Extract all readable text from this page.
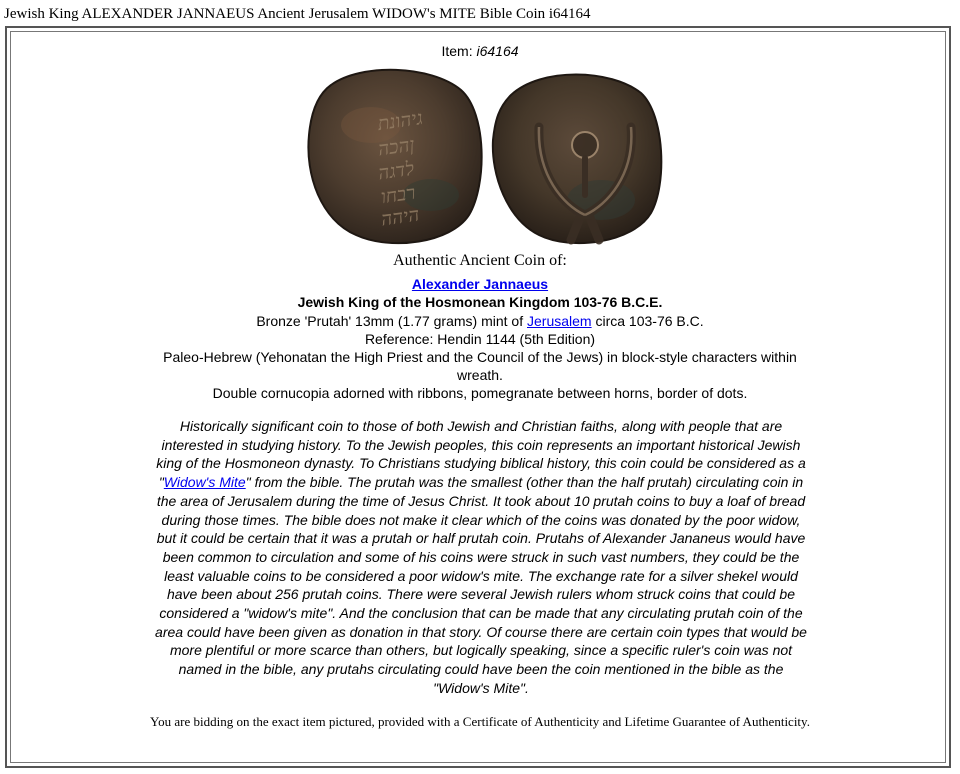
Jewish King ALEXANDER JANNAEUS Ancient Jerusalem WIDOW's MITE Bible Coin i64164
Item: i64164
גיהונת
ןהכה
לדגה
רבחו
היהה
Authentic Ancient Coin of:
Alexander Jannaeus
Jewish King of the Hosmonean Kingdom 103-76 B.C.E.
Bronze 'Prutah' 13mm (1.77 grams) mint of Jerusalem circa 103-76 B.C.
Reference: Hendin 1144 (5th Edition)
Paleo-Hebrew (Yehonatan the High Priest and the Council of the Jews) in block-style characters within wreath.
Double cornucopia adorned with ribbons, pomegranate between horns, border of dots.
Historically significant coin to those of both Jewish and Christian faiths, along with people that are interested in studying history. To the Jewish peoples, this coin represents an important historical Jewish king of the Hosmoneon dynasty. To Christians studying biblical history, this coin could be considered as a "Widow's Mite" from the bible. The prutah was the smallest (other than the half prutah) circulating coin in the area of Jerusalem during the time of Jesus Christ. It took about 10 prutah coins to buy a loaf of bread during those times. The bible does not make it clear which of the coins was donated by the poor widow, but it could be certain that it was a prutah or half prutah coin. Prutahs of Alexander Jananeus would have been common to circulation and some of his coins were struck in such vast numbers, they could be the least valuable coins to be considered a poor widow's mite. The exchange rate for a silver shekel would have been about 256 prutah coins. There were several Jewish rulers whom struck coins that could be considered a "widow's mite". And the conclusion that can be made that any circulating prutah coin of the area could have been given as donation in that story. Of course there are certain coin types that would be more plentiful or more scarce than others, but logically speaking, since a specific ruler's coin was not named in the bible, any prutahs circulating could have been the coin mentioned in the bible as the "Widow's Mite".
You are bidding on the exact item pictured, provided with a Certificate of Authenticity and Lifetime Guarantee of Authenticity.
